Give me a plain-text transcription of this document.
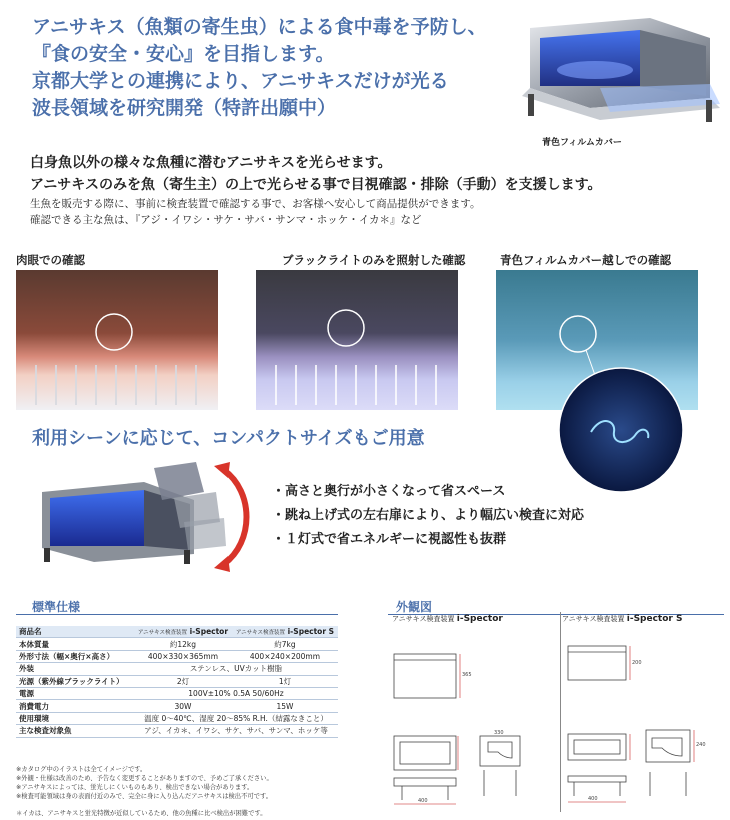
アニサキス（魚類の寄生虫）による食中毒を予防し、
『食の安全・安心』を目指します。
京都大学との連携により、アニサキスだけが光る
波長領域を研究開発（特許出願中）
青色フィルムカバー
白身魚以外の様々な魚種に潜むアニサキスを光らせます。
アニサキスのみを魚（寄生主）の上で光らせる事で目視確認・排除（手動）を支援します。
生魚を販売する際に、事前に検査装置で確認する事で、お客様へ安心して商品提供ができます。
確認できる主な魚は、『アジ・イワシ・サケ・サバ・サンマ・ホッケ・イカ＊』など
肉眼での確認	ブラックライトのみを照射した確認	青色フィルムカバー越しでの確認
利用シーンに応じて、コンパクトサイズもご用意
・高さと奥行が小さくなって省スペース
・跳ね上げ式の左右扉により、より幅広い検査に対応
・１灯式で省エネルギーに視認性も抜群
標準仕様
商品名	アニサキス検査装置 i-Spector	アニサキス検査装置 i-Spector S
本体質量	約12kg	約7kg
外形寸法（幅×奥行×高さ）	400×330×365mm	400×240×200mm
外装	ステンレス、UVカット樹脂	
光源（紫外線ブラックライト）	2灯	1灯
電源	100V±10% 0.5A 50/60Hz	
消費電力	30W	15W
使用環境	温度 0〜40℃、湿度 20〜85% R.H.（結露なきこと）	
主な検査対象魚	アジ、イカ＊、イワシ、サケ、サバ、サンマ、ホッケ等	
※カタログ中のイラストは全てイメージです。
※外観・仕様は改善のため、予告なく変更することがありますので、予めご了承ください。
※アニサキスによっては、蛍光しにくいものもあり、検出できない場合があります。
※検査可能領域は身の表面付近のみで、完全に身に入り込んだアニサキスは検出不可です。
＊イカは、アニサキスと蛍光特徴が近似しているため、他の魚種に比べ検出が困難です。
外観図
アニサキス検査装置 i-Spector	アニサキス検査装置 i-Spector S
400
365
330
400
200
240
